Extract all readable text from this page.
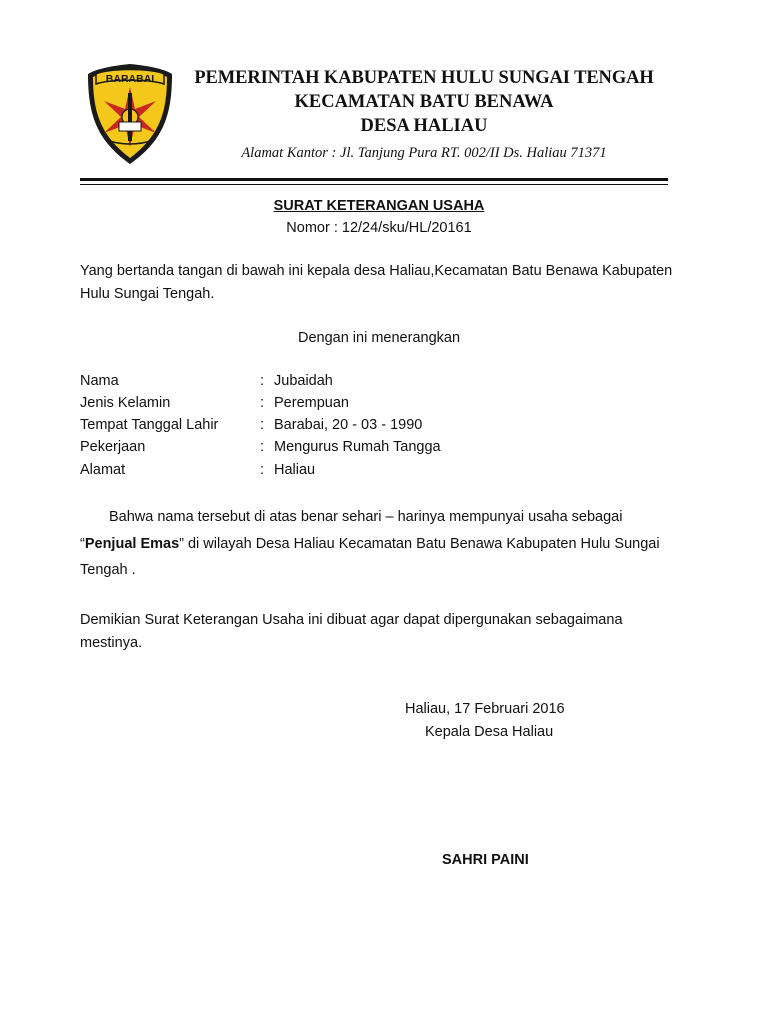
BARABAI	PEMERINTAH KABUPATEN HULU SUNGAI TENGAH
KECAMATAN BATU BENAWA
DESA HALIAU
Alamat Kantor : Jl. Tanjung Pura RT. 002/II Ds. Haliau 71371
SURAT KETERANGAN USAHA
Nomor : 12/24/sku/HL/20161
Yang bertanda tangan di bawah ini kepala desa Haliau,Kecamatan Batu Benawa Kabupaten Hulu Sungai Tengah.
Dengan ini menerangkan
Nama	: Jubaidah
Jenis Kelamin	: Perempuan
Tempat Tanggal Lahir	: Barabai, 20 - 03 - 1990
Pekerjaan	: Mengurus Rumah Tangga
Alamat	: Haliau
Bahwa nama tersebut di atas benar sehari – harinya mempunyai usaha sebagai “Penjual Emas” di wilayah Desa Haliau Kecamatan Batu Benawa Kabupaten Hulu Sungai Tengah .
Demikian Surat Keterangan Usaha ini dibuat agar dapat dipergunakan sebagaimana mestinya.
Haliau, 17 Februari 2016
Kepala Desa Haliau
SAHRI PAINI
